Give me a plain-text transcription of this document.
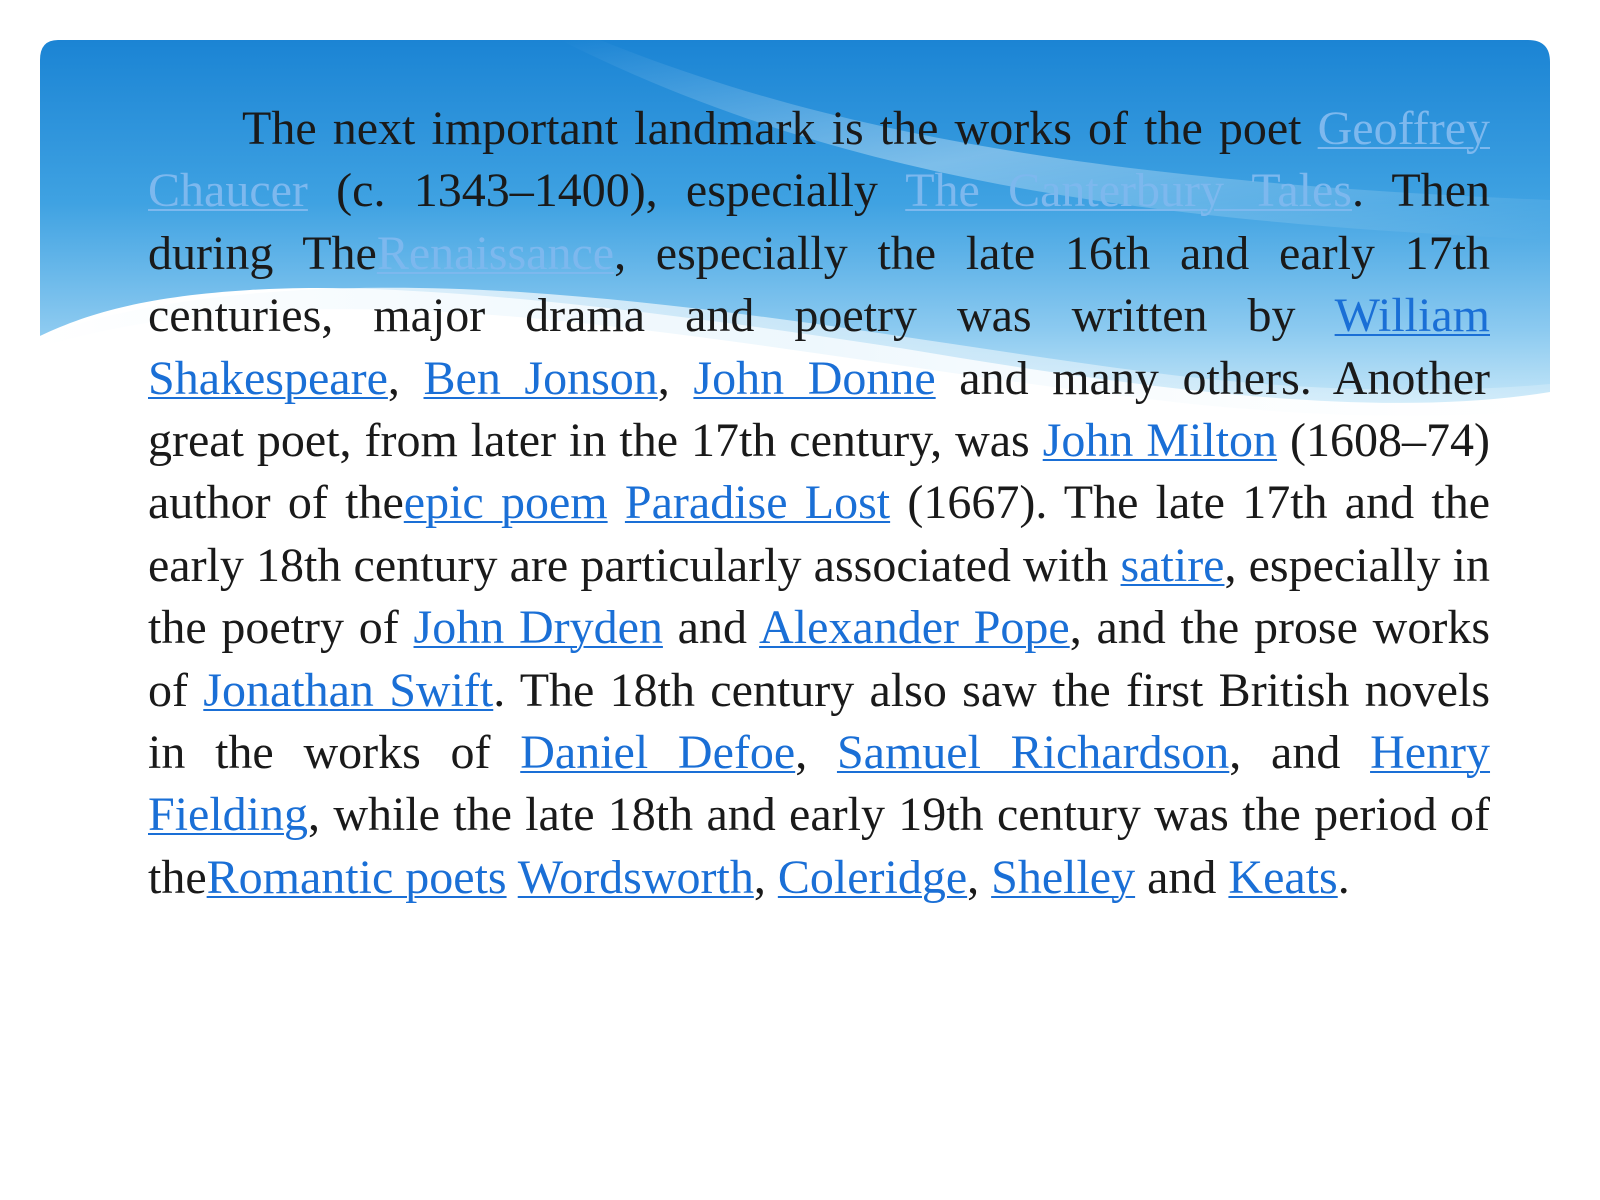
The next important landmark is the works of the poet Geoffrey Chaucer (c. 1343–1400), especially The Canterbury Tales. Then during TheRenaissance, especially the late 16th and early 17th centuries, major drama and poetry was written by William Shakespeare, Ben Jonson, John Donne and many others. Another great poet, from later in the 17th century, was John Milton (1608–74) author of theepic poem Paradise Lost (1667). The late 17th and the early 18th century are particularly associated with satire, especially in the poetry of John Dryden and Alexander Pope, and the prose works of Jonathan Swift. The 18th century also saw the first British novels in the works of Daniel Defoe, Samuel Richardson, and Henry Fielding, while the late 18th and early 19th century was the period of theRomantic poets Wordsworth, Coleridge, Shelley and Keats.
